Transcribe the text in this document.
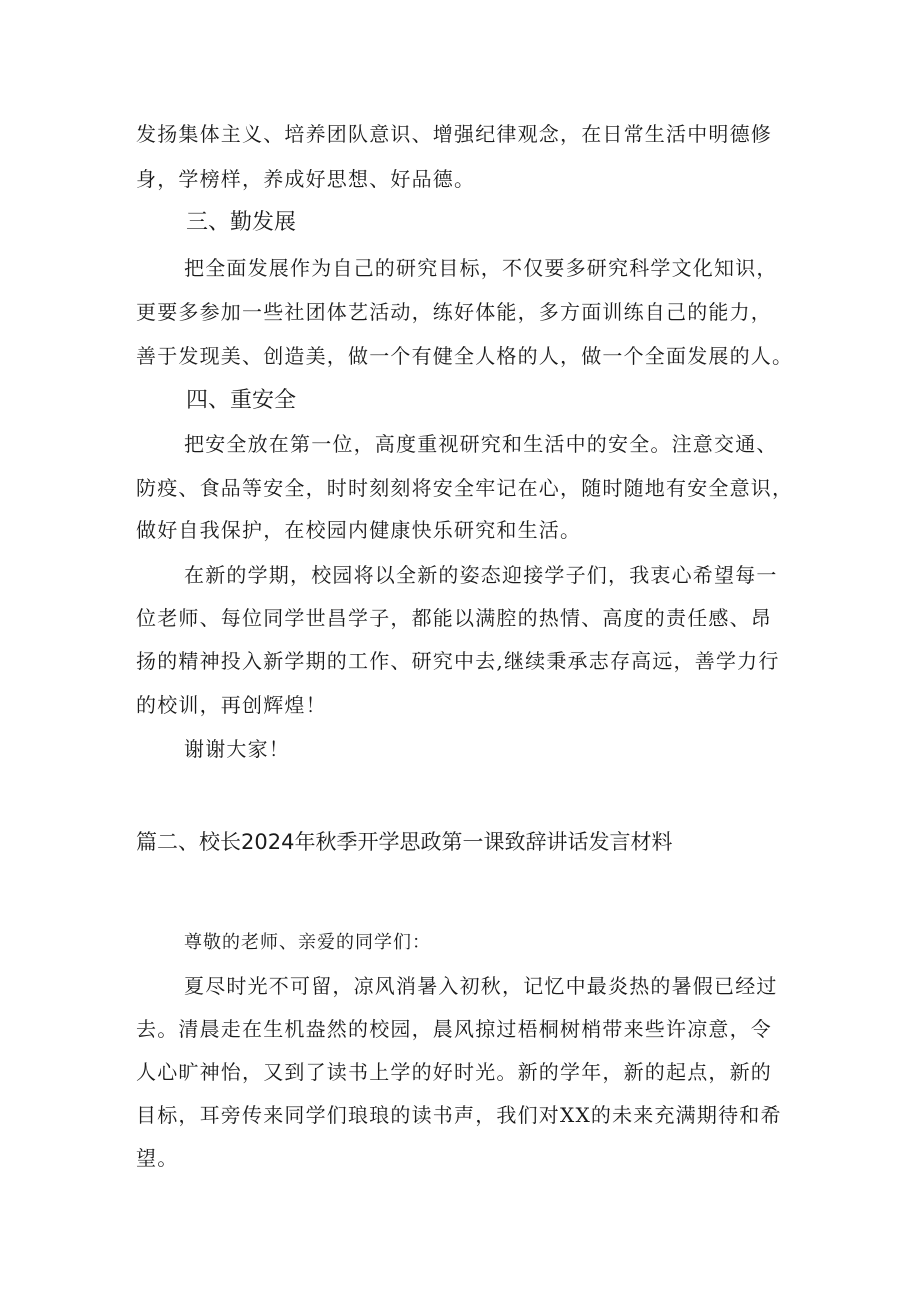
发扬集体主义、培养团队意识、增强纪律观念，在日常生活中明德修
身，学榜样，养成好思想、好品德。
三、勤发展
把全面发展作为自己的研究目标，不仅要多研究科学文化知识，
更要多参加一些社团体艺活动，练好体能，多方面训练自己的能力，
善于发现美、创造美，做一个有健全人格的人，做一个全面发展的人。
四、重安全
把安全放在第一位，高度重视研究和生活中的安全。注意交通、
防疫、食品等安全，时时刻刻将安全牢记在心，随时随地有安全意识，
做好自我保护，在校园内健康快乐研究和生活。
在新的学期，校园将以全新的姿态迎接学子们，我衷心希望每一
位老师、每位同学世昌学子，都能以满腔的热情、高度的责任感、昂
扬的精神投入新学期的工作、研究中去,继续秉承志存高远，善学力行
的校训，再创辉煌！
谢谢大家！
篇二、校长2024年秋季开学思政第一课致辞讲话发言材料
尊敬的老师、亲爱的同学们：
夏尽时光不可留，凉风消暑入初秋，记忆中最炎热的暑假已经过
去。清晨走在生机盎然的校园，晨风掠过梧桐树梢带来些许凉意，令
人心旷神怡，又到了读书上学的好时光。新的学年，新的起点，新的
目标，耳旁传来同学们琅琅的读书声，我们对XX的未来充满期待和希
望。
